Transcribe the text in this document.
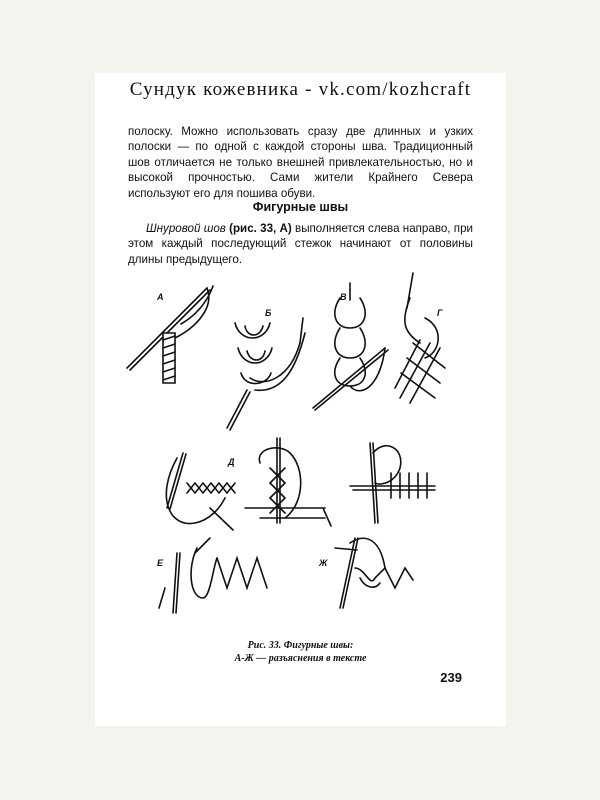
Сундук кожевника - vk.com/kozhcraft
полоску. Можно использовать сразу две длинных и узких полоски — по одной с каждой стороны шва. Традиционный шов отличается не только внешней привлекательностью, но и высокой прочностью. Сами жители Крайнего Севера используют его для пошива обуви.
Фигурные швы
Шнуровой шов (рис. 33, А) выполняется слева направо, при этом каждый последующий стежок начинают от половины длины предыдущего.
А
Б
В
Г
Д
Е	Ж
Рис. 33. Фигурные швы:
А-Ж — разъяснения в тексте
239
